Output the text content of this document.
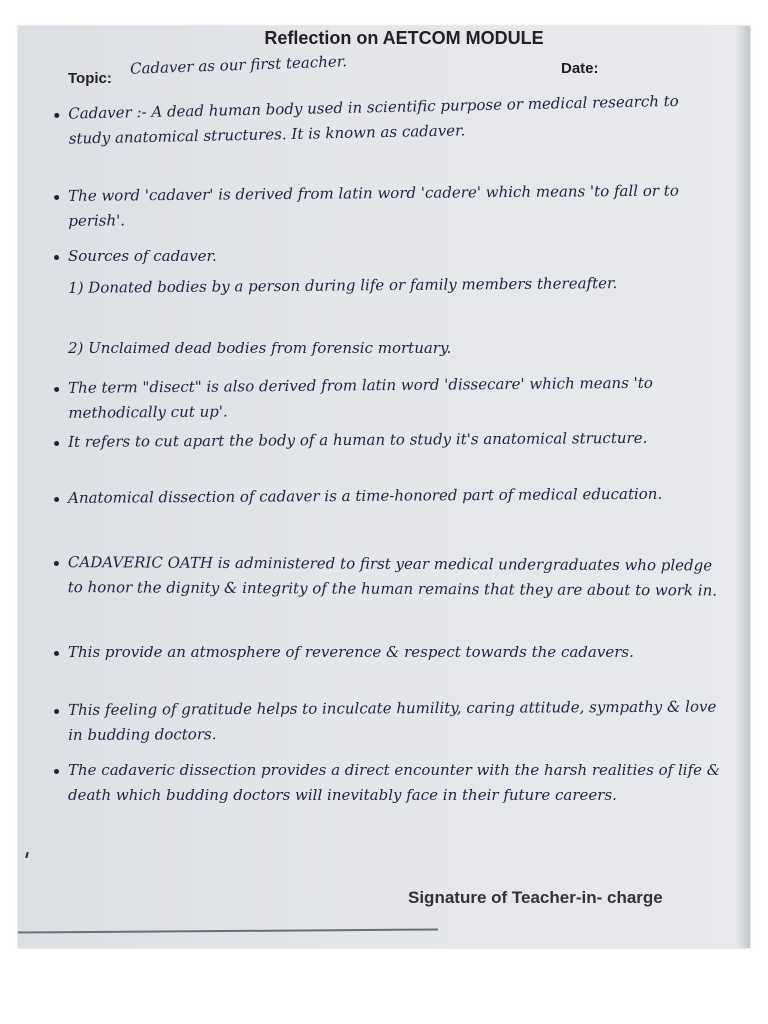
Reflection on AETCOM MODULE
Topic:
Cadaver as our first teacher.	Date:
Cadaver :- A dead human body used in scientific purpose or medical research to study anatomical structures. It is known as cadaver.
The word 'cadaver' is derived from latin word 'cadere' which means 'to fall or to perish'.
Sources of cadaver.
1) Donated bodies by a person during life or family members thereafter.
2) Unclaimed dead bodies from forensic mortuary.
The term "disect" is also derived from latin word 'dissecare' which means 'to methodically cut up'.
It refers to cut apart the body of a human to study it's anatomical structure.
Anatomical dissection of cadaver is a time-honored part of medical education.
CADAVERIC OATH is administered to first year medical undergraduates who pledge to honor the dignity & integrity of the human remains that they are about to work in.
This provide an atmosphere of reverence & respect towards the cadavers.
This feeling of gratitude helps to inculcate humility, caring attitude, sympathy & love in budding doctors.
The cadaveric dissection provides a direct encounter with the harsh realities of life & death which budding doctors will inevitably face in their future careers.
Signature of Teacher-in- charge
